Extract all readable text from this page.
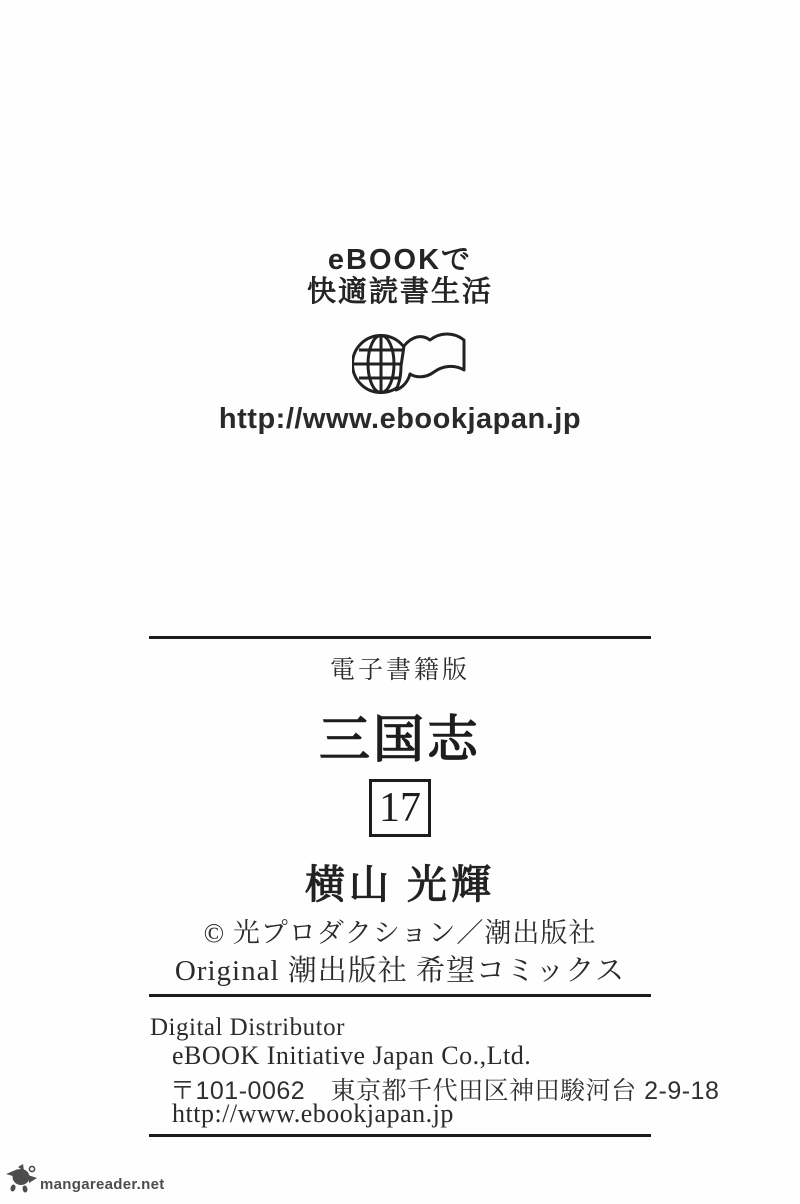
eBOOKで
快適読書生活
http://www.ebookjapan.jp
電子書籍版
三国志
17
横山 光輝
© 光プロダクション／潮出版社
Original 潮出版社 希望コミックス
Digital Distributor
eBOOK Initiative Japan Co.,Ltd.
〒101-0062　東京都千代田区神田駿河台 2-9-18
http://www.ebookjapan.jp
mangareader.net
